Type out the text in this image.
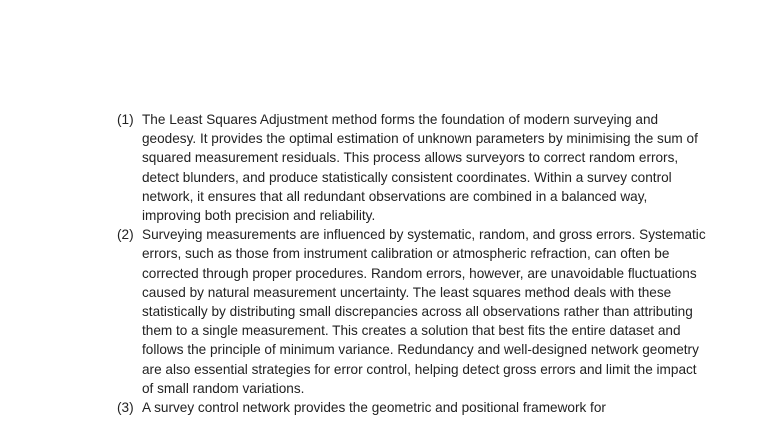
(1) The Least Squares Adjustment method forms the foundation of modern surveying and geodesy. It provides the optimal estimation of unknown parameters by minimising the sum of squared measurement residuals. This process allows surveyors to correct random errors, detect blunders, and produce statistically consistent coordinates. Within a survey control network, it ensures that all redundant observations are combined in a balanced way, improving both precision and reliability.
(2) Surveying measurements are influenced by systematic, random, and gross errors. Systematic errors, such as those from instrument calibration or atmospheric refraction, can often be corrected through proper procedures. Random errors, however, are unavoidable fluctuations caused by natural measurement uncertainty. The least squares method deals with these statistically by distributing small discrepancies across all observations rather than attributing them to a single measurement. This creates a solution that best fits the entire dataset and follows the principle of minimum variance. Redundancy and well-designed network geometry are also essential strategies for error control, helping detect gross errors and limit the impact of small random variations.
(3) A survey control network provides the geometric and positional framework for
